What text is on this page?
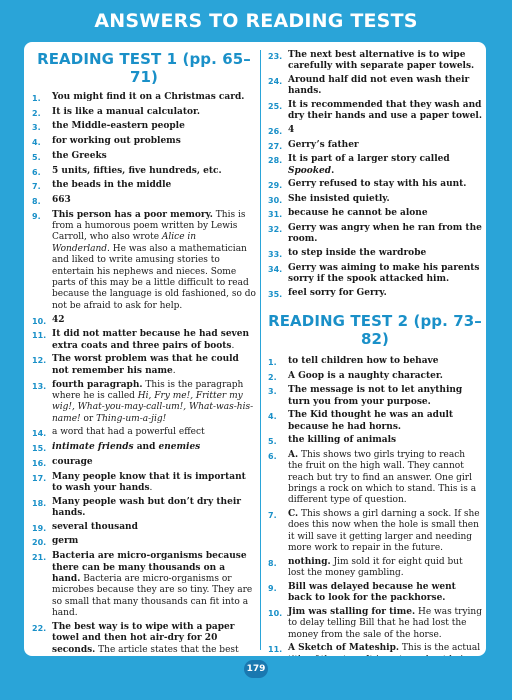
ANSWERS TO READING TESTS
READING TEST 1 (pp. 65–71)
1.	You might find it on a Christmas card.
2.	It is like a manual calculator.
3.	the Middle-eastern people
4.	for working out problems
5.	the Greeks
6.	5 units, fifties, five hundreds, etc.
7.	the beads in the middle
8.	663
9.	This person has a poor memory. This is from a humorous poem written by Lewis Carroll, who also wrote Alice in Wonderland. He was also a mathematician and liked to write amusing stories to entertain his nephews and nieces. Some parts of this may be a little difficult to read because the language is old fashioned, so do not be afraid to ask for help.
10. 42
11. It did not matter because he had seven extra coats and three pairs of boots.
12. The worst problem was that he could not remember his name.
13. fourth paragraph. This is the paragraph where he is called Hi, Fry me!, Fritter my wig!, What-you-may-call-um!, What-was-his-name! or Thing-um-a-jig!
14. a word that had a powerful effect
15. intimate friends and enemies
16. courage
17. Many people know that it is important to wash your hands.
18. Many people wash but don’t dry their hands.
19. several thousand
20. germ
21. Bacteria are micro-organisms because there can be many thousands on a hand. Bacteria are micro-organisms or microbes because they are so tiny. They are so small that many thousands can fit into a hand.
22. The best way is to wipe with a paper towel and then hot air-dry for 20 seconds. The article states that the best
23. The next best alternative is to wipe carefully with separate paper towels.
24. Around half did not even wash their hands.
25. It is recommended that they wash and dry their hands and use a paper towel.
26. 4
27. Gerry’s father
28. It is part of a larger story called Spooked.
29. Gerry refused to stay with his aunt.
30. She insisted quietly.
31. because he cannot be alone
32. Gerry was angry when he ran from the room.
33. to step inside the wardrobe
34. Gerry was aiming to make his parents sorry if the spook attacked him.
35. feel sorry for Gerry.
READING TEST 2 (pp. 73–82)
1.	to tell children how to behave
2.	A Goop is a naughty character.
3.	The message is not to let anything turn you from your purpose.
4.	The Kid thought he was an adult because he had horns.
5.	the killing of animals
6.	A. This shows two girls trying to reach the fruit on the high wall. They cannot reach but try to find an answer. One girl brings a rock on which to stand. This is a different type of question.
7.	C. This shows a girl darning a sock. If she does this now when the hole is small then it will save it getting larger and needing more work to repair in the future.
8.	nothing. Jim sold it for eight quid but lost the money gambling.
9.	Bill was delayed because he went back to look for the packhorse.
10. Jim was stalling for time. He was trying to delay telling Bill that he had lost the money from the sale of the horse.
11. A Sketch of Mateship. This is the actual
179
